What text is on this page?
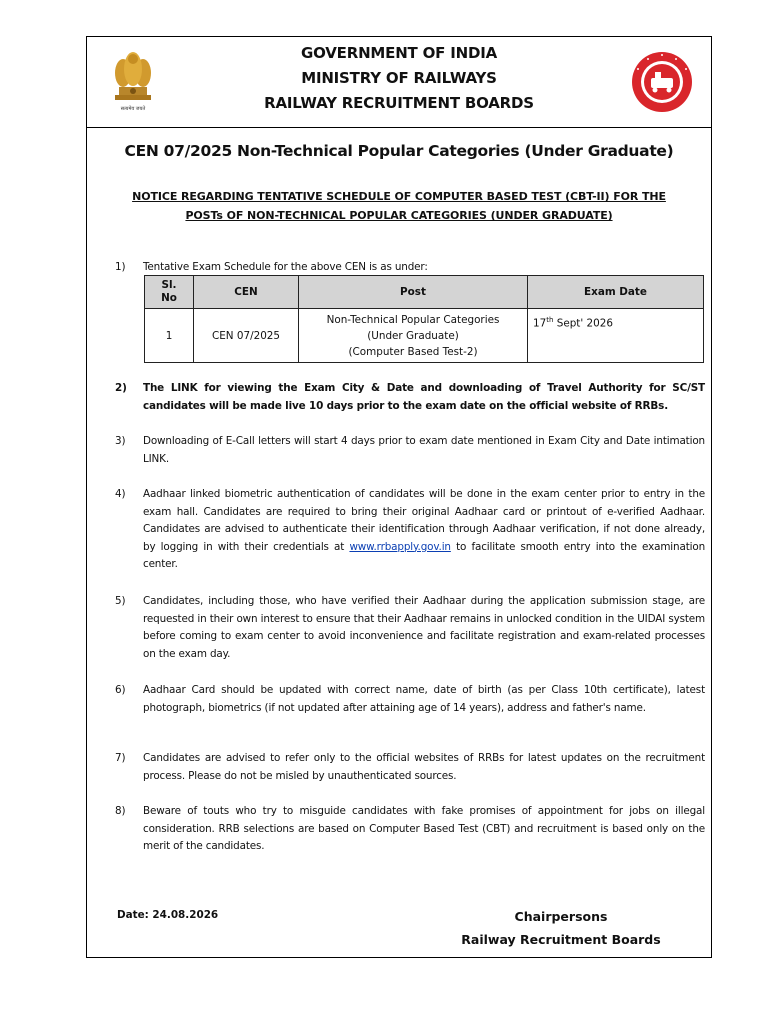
सत्यमेव जयते
GOVERNMENT OF INDIA
MINISTRY OF RAILWAYS
RAILWAY RECRUITMENT BOARDS
CEN 07/2025 Non-Technical Popular Categories (Under Graduate)
NOTICE REGARDING TENTATIVE SCHEDULE OF COMPUTER BASED TEST (CBT-II) FOR THE POSTs OF NON-TECHNICAL POPULAR CATEGORIES (UNDER GRADUATE)
1) Tentative Exam Schedule for the above CEN is as under:
Sl.
No	CEN	Post	Exam Date
1	CEN 07/2025	Non-Technical Popular Categories
(Under Graduate)
(Computer Based Test-2)	17th Sept' 2026
2) The LINK for viewing the Exam City & Date and downloading of Travel Authority for SC/ST candidates will be made live 10 days prior to the exam date on the official website of RRBs.
3) Downloading of E-Call letters will start 4 days prior to exam date mentioned in Exam City and Date intimation LINK.
4) Aadhaar linked biometric authentication of candidates will be done in the exam center prior to entry in the exam hall. Candidates are required to bring their original Aadhaar card or printout of e-verified Aadhaar. Candidates are advised to authenticate their identification through Aadhaar verification, if not done already, by logging in with their credentials at www.rrbapply.gov.in to facilitate smooth entry into the examination center.
5) Candidates, including those, who have verified their Aadhaar during the application submission stage, are requested in their own interest to ensure that their Aadhaar remains in unlocked condition in the UIDAI system before coming to exam center to avoid inconvenience and facilitate registration and exam-related processes on the exam day.
6) Aadhaar Card should be updated with correct name, date of birth (as per Class 10th certificate), latest photograph, biometrics (if not updated after attaining age of 14 years), address and father's name.
7) Candidates are advised to refer only to the official websites of RRBs for latest updates on the recruitment process. Please do not be misled by unauthenticated sources.
8) Beware of touts who try to misguide candidates with fake promises of appointment for jobs on illegal consideration. RRB selections are based on Computer Based Test (CBT) and recruitment is based only on the merit of the candidates.
Date: 24.08.2026	Chairpersons
Railway Recruitment Boards
